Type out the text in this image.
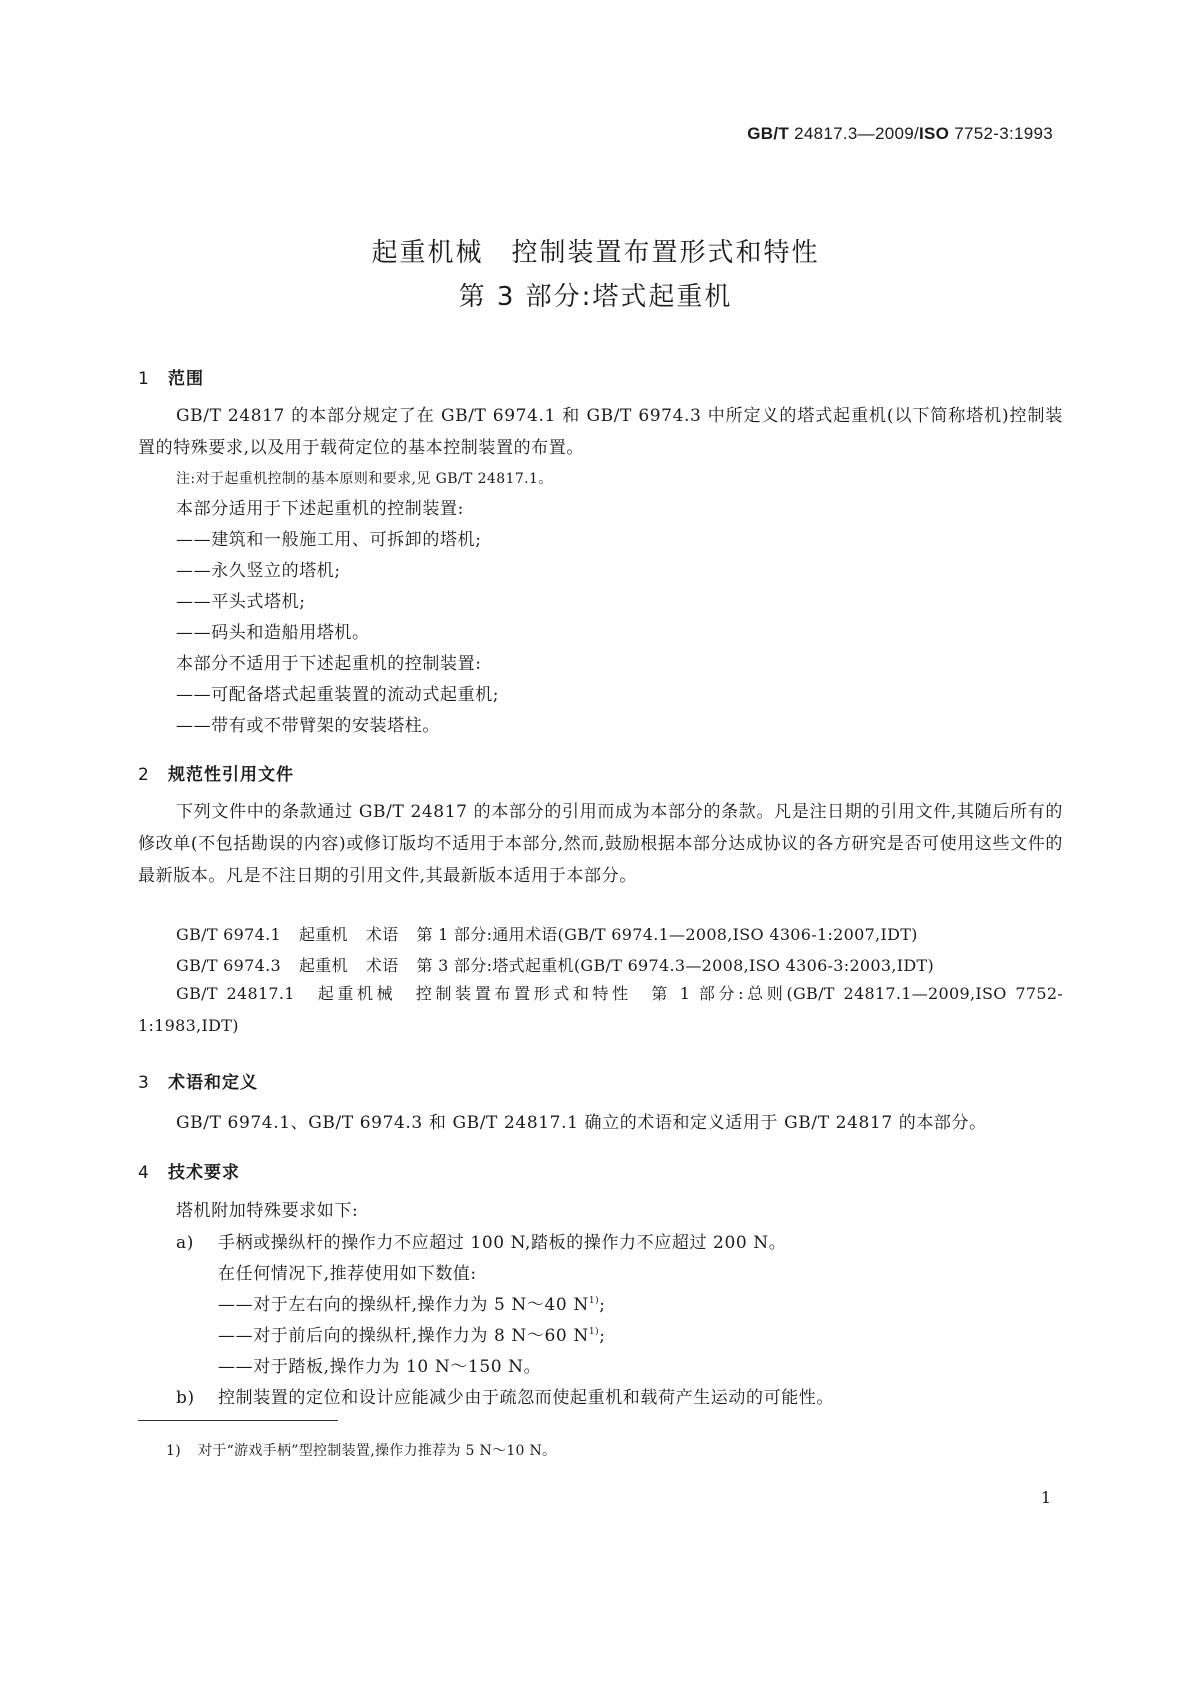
GB/T 24817.3—2009/ISO 7752-3:1993
起重机械　控制装置布置形式和特性
第 3 部分:塔式起重机
1 范围
GB/T 24817 的本部分规定了在 GB/T 6974.1 和 GB/T 6974.3 中所定义的塔式起重机(以下简称塔机)控制装置的特殊要求,以及用于载荷定位的基本控制装置的布置。
注:对于起重机控制的基本原则和要求,见 GB/T 24817.1。
本部分适用于下述起重机的控制装置:
——建筑和一般施工用、可拆卸的塔机;
——永久竖立的塔机;
——平头式塔机;
——码头和造船用塔机。
本部分不适用于下述起重机的控制装置:
——可配备塔式起重装置的流动式起重机;
——带有或不带臂架的安装塔柱。
2 规范性引用文件
下列文件中的条款通过 GB/T 24817 的本部分的引用而成为本部分的条款。凡是注日期的引用文件,其随后所有的修改单(不包括勘误的内容)或修订版均不适用于本部分,然而,鼓励根据本部分达成协议的各方研究是否可使用这些文件的最新版本。凡是不注日期的引用文件,其最新版本适用于本部分。
GB/T 6974.1 起重机 术语 第 1 部分:通用术语(GB/T 6974.1—2008,ISO 4306-1:2007,IDT)
GB/T 6974.3 起重机 术语 第 3 部分:塔式起重机(GB/T 6974.3—2008,ISO 4306-3:2003,IDT)
GB/T 24817.1　起重机械　控制装置布置形式和特性　第 1 部分:总则(GB/T 24817.1—2009,ISO 7752-1:1983,IDT)
3 术语和定义
GB/T 6974.1、GB/T 6974.3 和 GB/T 24817.1 确立的术语和定义适用于 GB/T 24817 的本部分。
4 技术要求
塔机附加特殊要求如下:
a) 手柄或操纵杆的操作力不应超过 100 N,踏板的操作力不应超过 200 N。
在任何情况下,推荐使用如下数值:
——对于左右向的操纵杆,操作力为 5 N～40 $N^{1)}$;
——对于前后向的操纵杆,操作力为 8 N～60 $N^{1)}$;
——对于踏板,操作力为 10 N～150 N。
b) 控制装置的定位和设计应能减少由于疏忽而使起重机和载荷产生运动的可能性。
1) 对于“游戏手柄”型控制装置,操作力推荐为 5 N～10 N。
1
